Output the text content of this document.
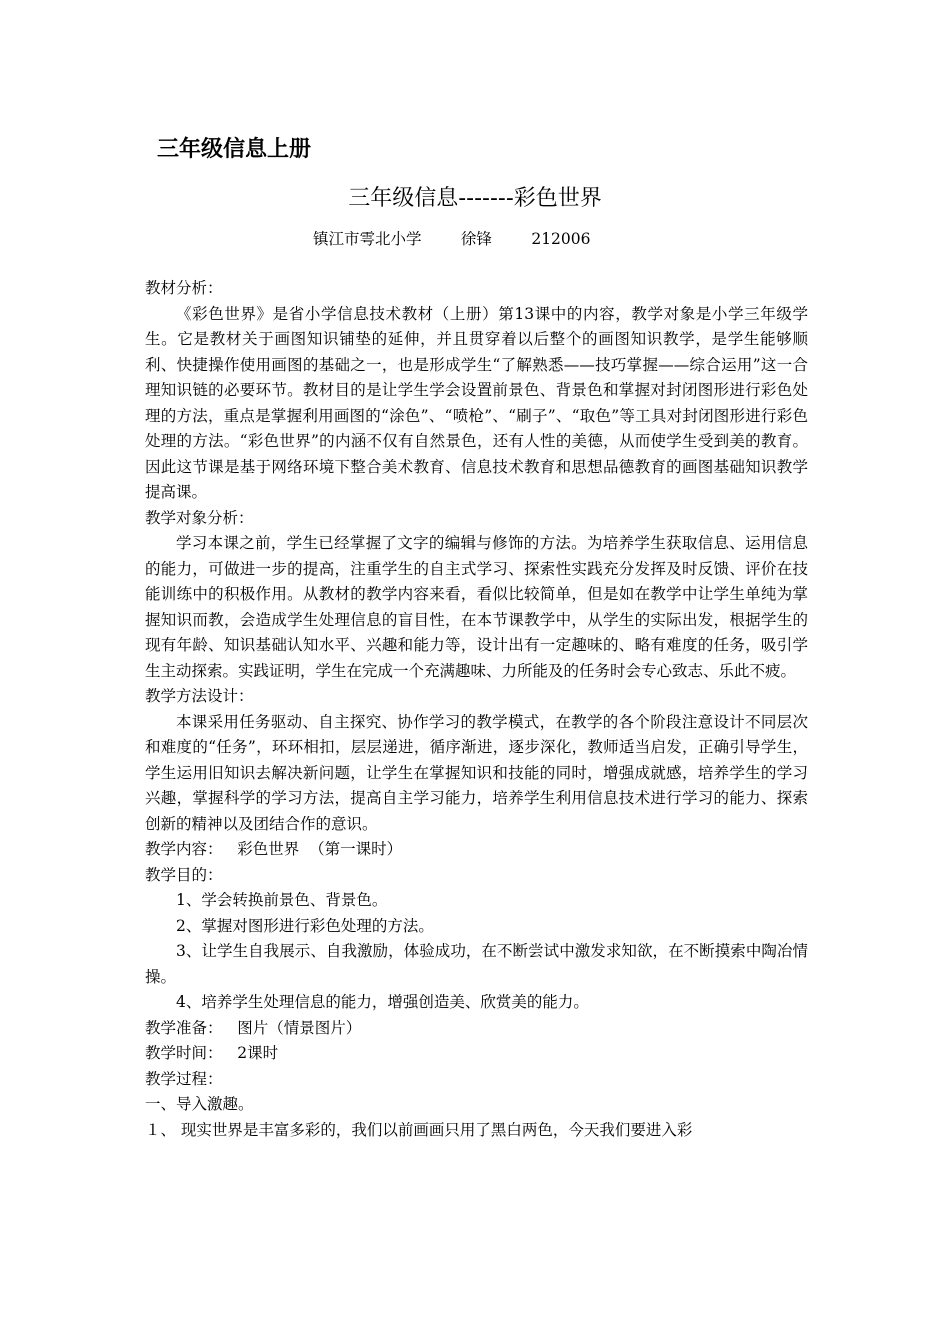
三年级信息上册
三年级信息-------彩色世界
镇江市雩北小学        徐锋        212006

教材分析：

《彩色世界》是省小学信息技术教材（上册）第13课中的内容，教学对象是小学三年级学生。它是教材关于画图知识铺垫的延伸，并且贯穿着以后整个的画图知识教学，是学生能够顺利、快捷操作使用画图的基础之一，也是形成学生“了解熟悉——技巧掌握——综合运用”这一合理知识链的必要环节。教材目的是让学生学会设置前景色、背景色和掌握对封闭图形进行彩色处理的方法，重点是掌握利用画图的“涂色”、“喷枪”、“刷子”、“取色”等工具对封闭图形进行彩色处理的方法。“彩色世界”的内涵不仅有自然景色，还有人性的美德，从而使学生受到美的教育。因此这节课是基于网络环境下整合美术教育、信息技术教育和思想品德教育的画图基础知识教学提高课。

教学对象分析：

学习本课之前，学生已经掌握了文字的编辑与修饰的方法。为培养学生获取信息、运用信息的能力，可做进一步的提高，注重学生的自主式学习、探索性实践充分发挥及时反馈、评价在技能训练中的积极作用。从教材的教学内容来看，看似比较简单，但是如在教学中让学生单纯为掌握知识而教，会造成学生处理信息的盲目性，在本节课教学中，从学生的实际出发，根据学生的现有年龄、知识基础认知水平、兴趣和能力等，设计出有一定趣味的、略有难度的任务，吸引学生主动探索。实践证明，学生在完成一个充满趣味、力所能及的任务时会专心致志、乐此不疲。

教学方法设计：

本课采用任务驱动、自主探究、协作学习的教学模式，在教学的各个阶段注意设计不同层次和难度的“任务”，环环相扣，层层递进，循序渐进，逐步深化，教师适当启发，正确引导学生，学生运用旧知识去解决新问题，让学生在掌握知识和技能的同时，增强成就感，培养学生的学习兴趣，掌握科学的学习方法，提高自主学习能力，培养学生利用信息技术进行学习的能力、探索创新的精神以及团结合作的意识。

教学内容：   彩色世界  （第一课时）

教学目的：

1、学会转换前景色、背景色。

2、掌握对图形进行彩色处理的方法。

3、让学生自我展示、自我激励，体验成功，在不断尝试中激发求知欲，在不断摸索中陶冶情操。

4、培养学生处理信息的能力，增强创造美、欣赏美的能力。

教学准备：   图片（情景图片）

教学时间：   2课时

教学过程：

一、导入激趣。

１、 现实世界是丰富多彩的，我们以前画画只用了黑白两色，今天我们要进入彩
